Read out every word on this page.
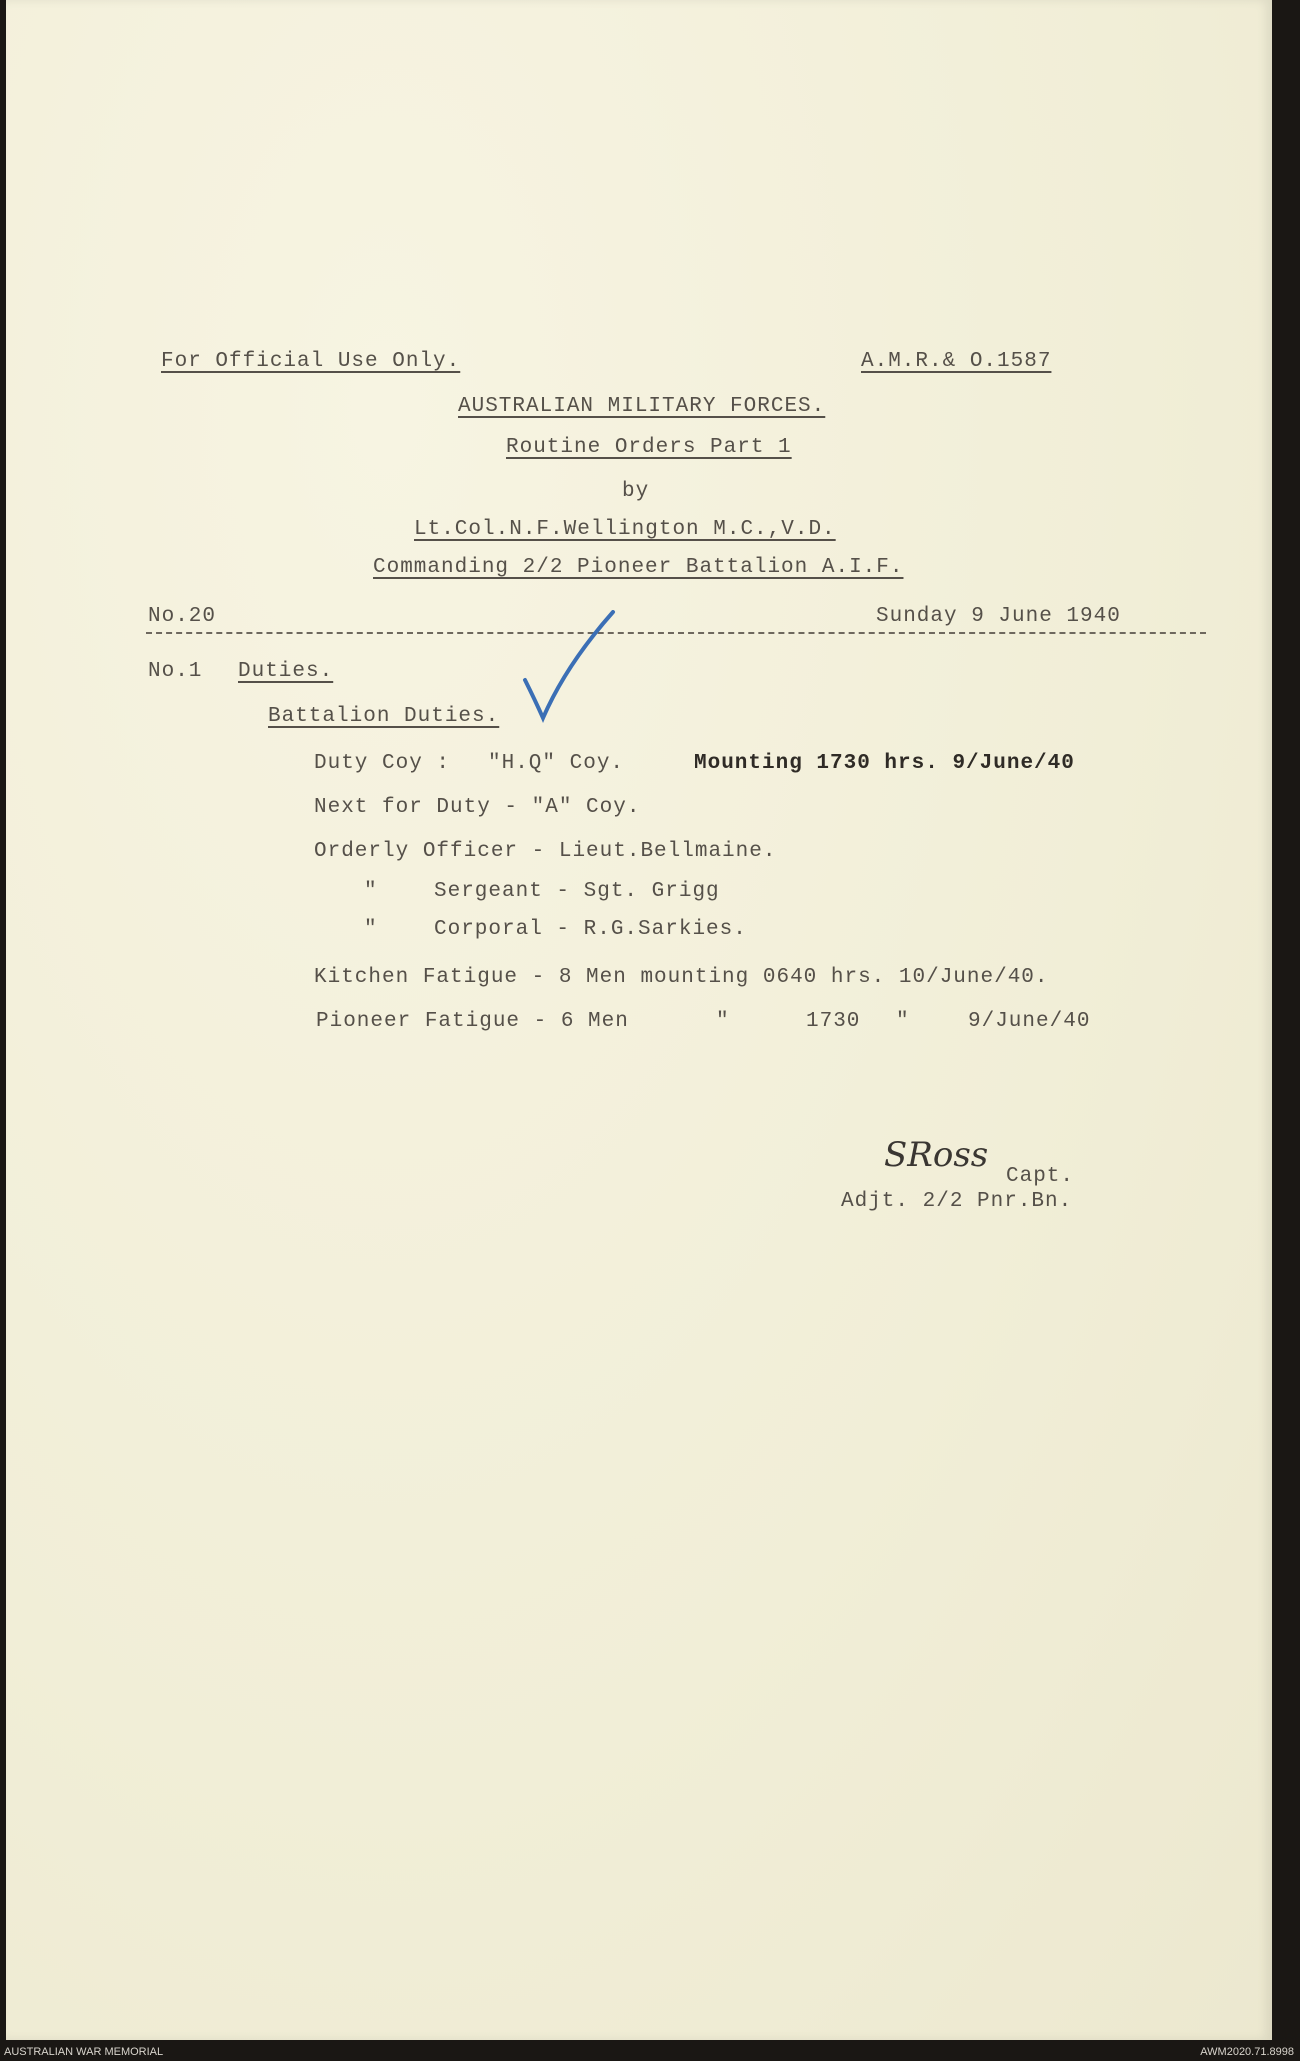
For Official Use Only.	A.M.R.& O.1587
AUSTRALIAN MILITARY FORCES.
Routine Orders Part 1
by
Lt.Col.N.F.Wellington M.C.,V.D.
Commanding 2/2 Pioneer Battalion A.I.F.
No.20	Sunday 9 June 1940
No.1 Duties.
Battalion Duties.
Duty Coy : "H.Q" Coy.	Mounting 1730 hrs. 9/June/40
Next for Duty - "A" Coy.
Orderly Officer - Lieut.Bellmaine.
"	Sergeant - Sgt. Grigg
"	Corporal - R.G.Sarkies.
Kitchen Fatigue - 8 Men mounting 0640 hrs. 10/June/40.
Pioneer Fatigue - 6 Men	"	1730 "	9/June/40
SRoss
Capt.
Adjt. 2/2 Pnr.Bn.
AUSTRALIAN WAR MEMORIAL	AWM2020.71.8998
